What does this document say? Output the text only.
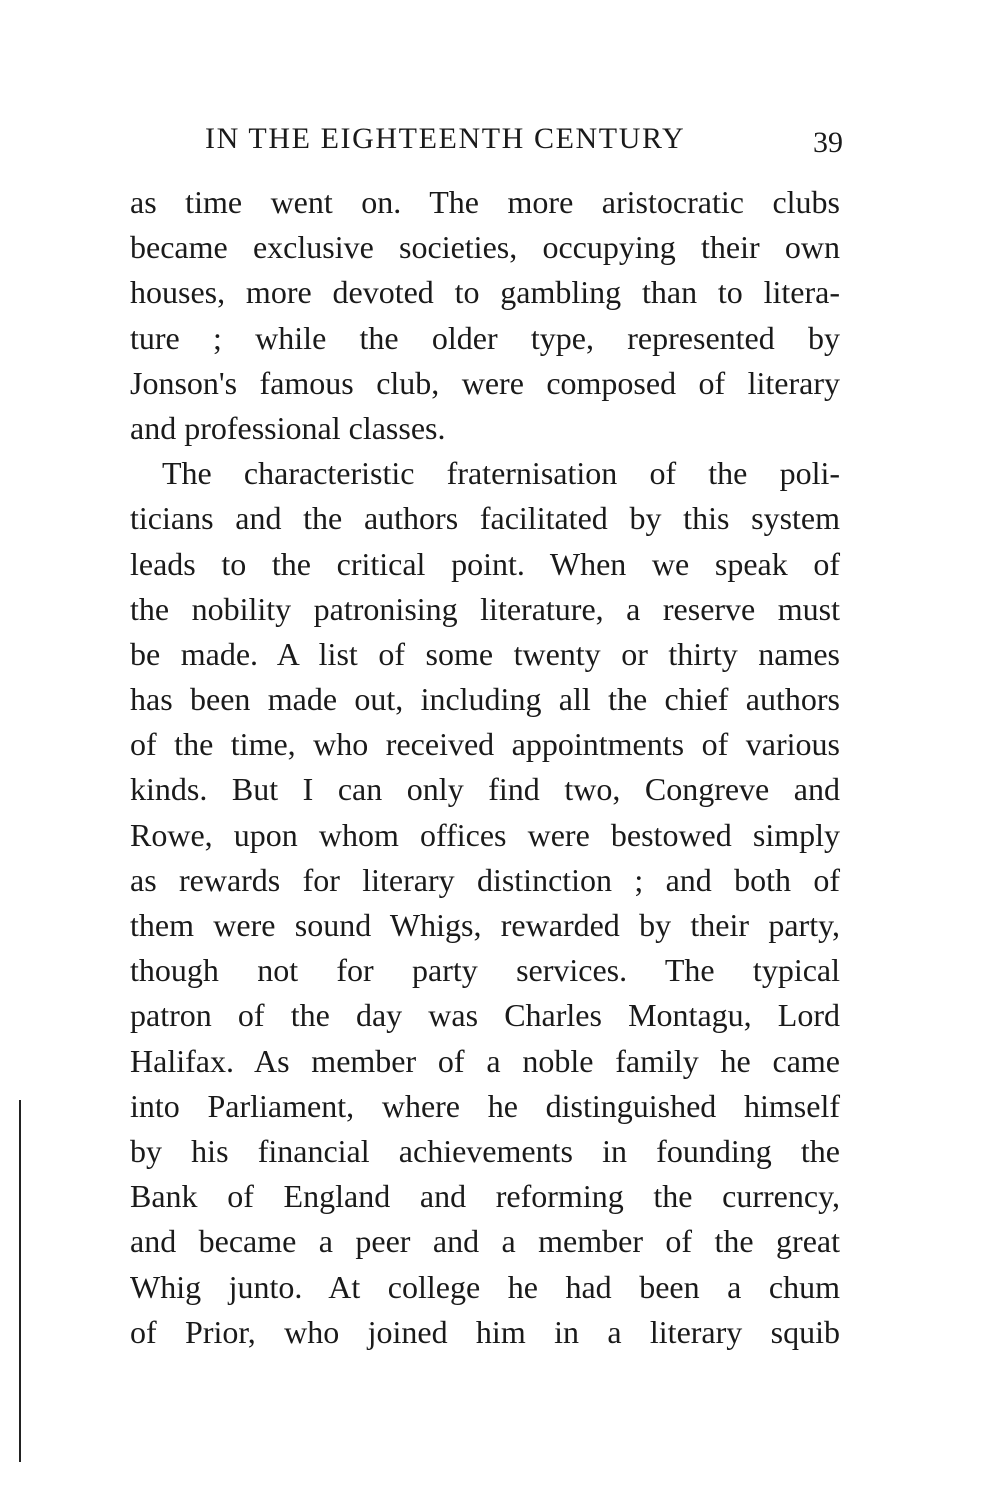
IN THE EIGHTEENTH CENTURY	39
as time went on. The more aristocratic clubs
became exclusive societies, occupying their own
houses, more devoted to gambling than to litera-
ture ; while the older type, represented by
Jonson's famous club, were composed of literary
and professional classes.
The characteristic fraternisation of the poli-
ticians and the authors facilitated by this system
leads to the critical point. When we speak of
the nobility patronising literature, a reserve must
be made. A list of some twenty or thirty names
has been made out, including all the chief authors
of the time, who received appointments of various
kinds. But I can only find two, Congreve and
Rowe, upon whom offices were bestowed simply
as rewards for literary distinction ; and both of
them were sound Whigs, rewarded by their party,
though not for party services. The typical
patron of the day was Charles Montagu, Lord
Halifax. As member of a noble family he came
into Parliament, where he distinguished himself
by his financial achievements in founding the
Bank of England and reforming the currency,
and became a peer and a member of the great
Whig junto. At college he had been a chum
of Prior, who joined him in a literary squib
